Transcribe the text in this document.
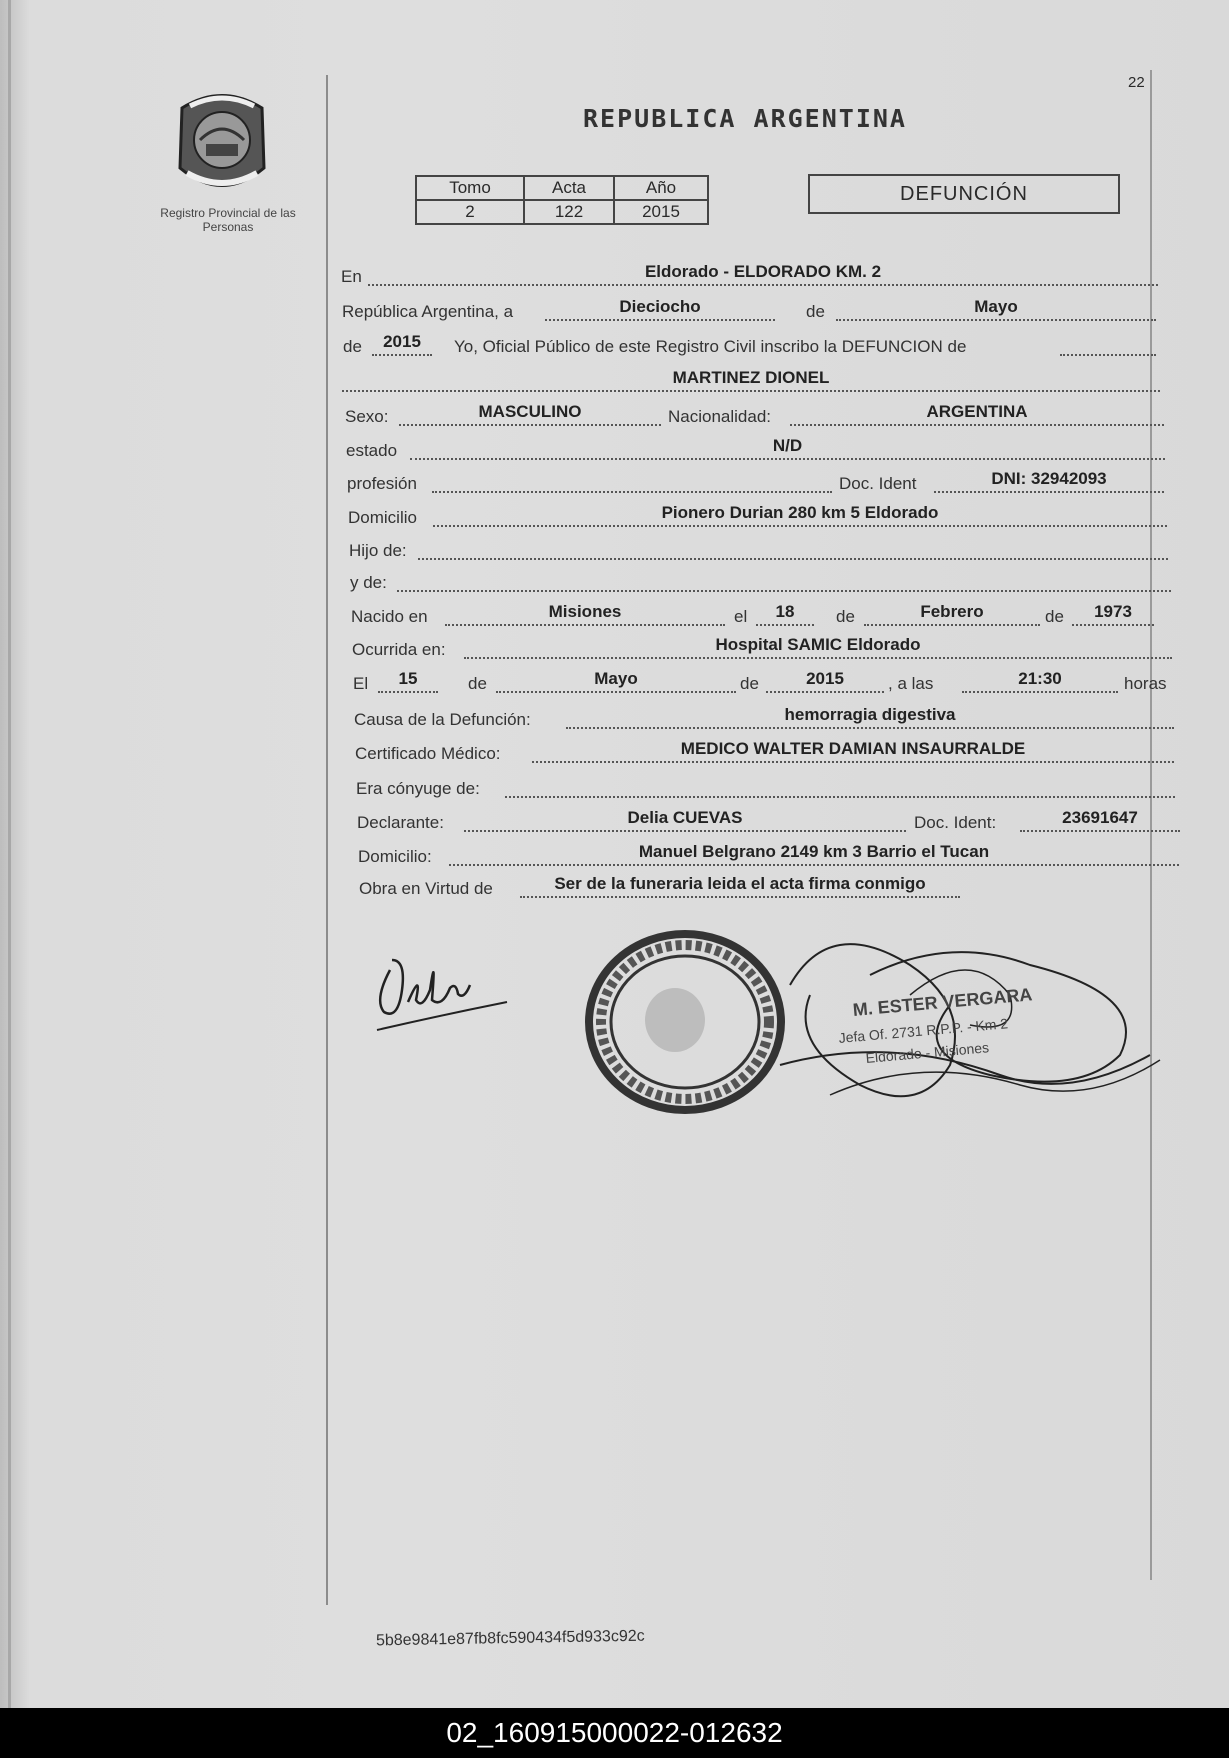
Registro Provincial de las Personas
22
REPUBLICA ARGENTINA
Tomo	Acta	Año
2	122	2015
DEFUNCIÓN
En	Eldorado - ELDORADO KM. 2
República Argentina, a	Dieciocho	de	Mayo
de	2015	Yo, Oficial Público de este Registro Civil inscribo la DEFUNCION de
MARTINEZ DIONEL
Sexo:	MASCULINO	Nacionalidad:	ARGENTINA
estado	N/D
profesión	Doc. Ident	DNI: 32942093
Domicilio	Pionero Durian 280 km 5 Eldorado
Hijo de:
y de:
Nacido en	Misiones	el	18	de	Febrero	de	1973
Ocurrida en:	Hospital SAMIC Eldorado
El	15	de	Mayo	de	2015	, a las	21:30	horas
Causa de la Defunción:	hemorragia digestiva
Certificado Médico:	MEDICO WALTER DAMIAN INSAURRALDE
Era cónyuge de:
Declarante:	Delia CUEVAS	Doc. Ident:	23691647
Domicilio:	Manuel Belgrano 2149 km 3 Barrio el Tucan
Obra en Virtud de	Ser de la funeraria leida el acta firma conmigo
M. ESTER VERGARA
Jefa Of. 2731 R.P.P. - Km 2
Eldorado - Misiones
5b8e9841e87fb8fc590434f5d933c92c
02_160915000022-012632
